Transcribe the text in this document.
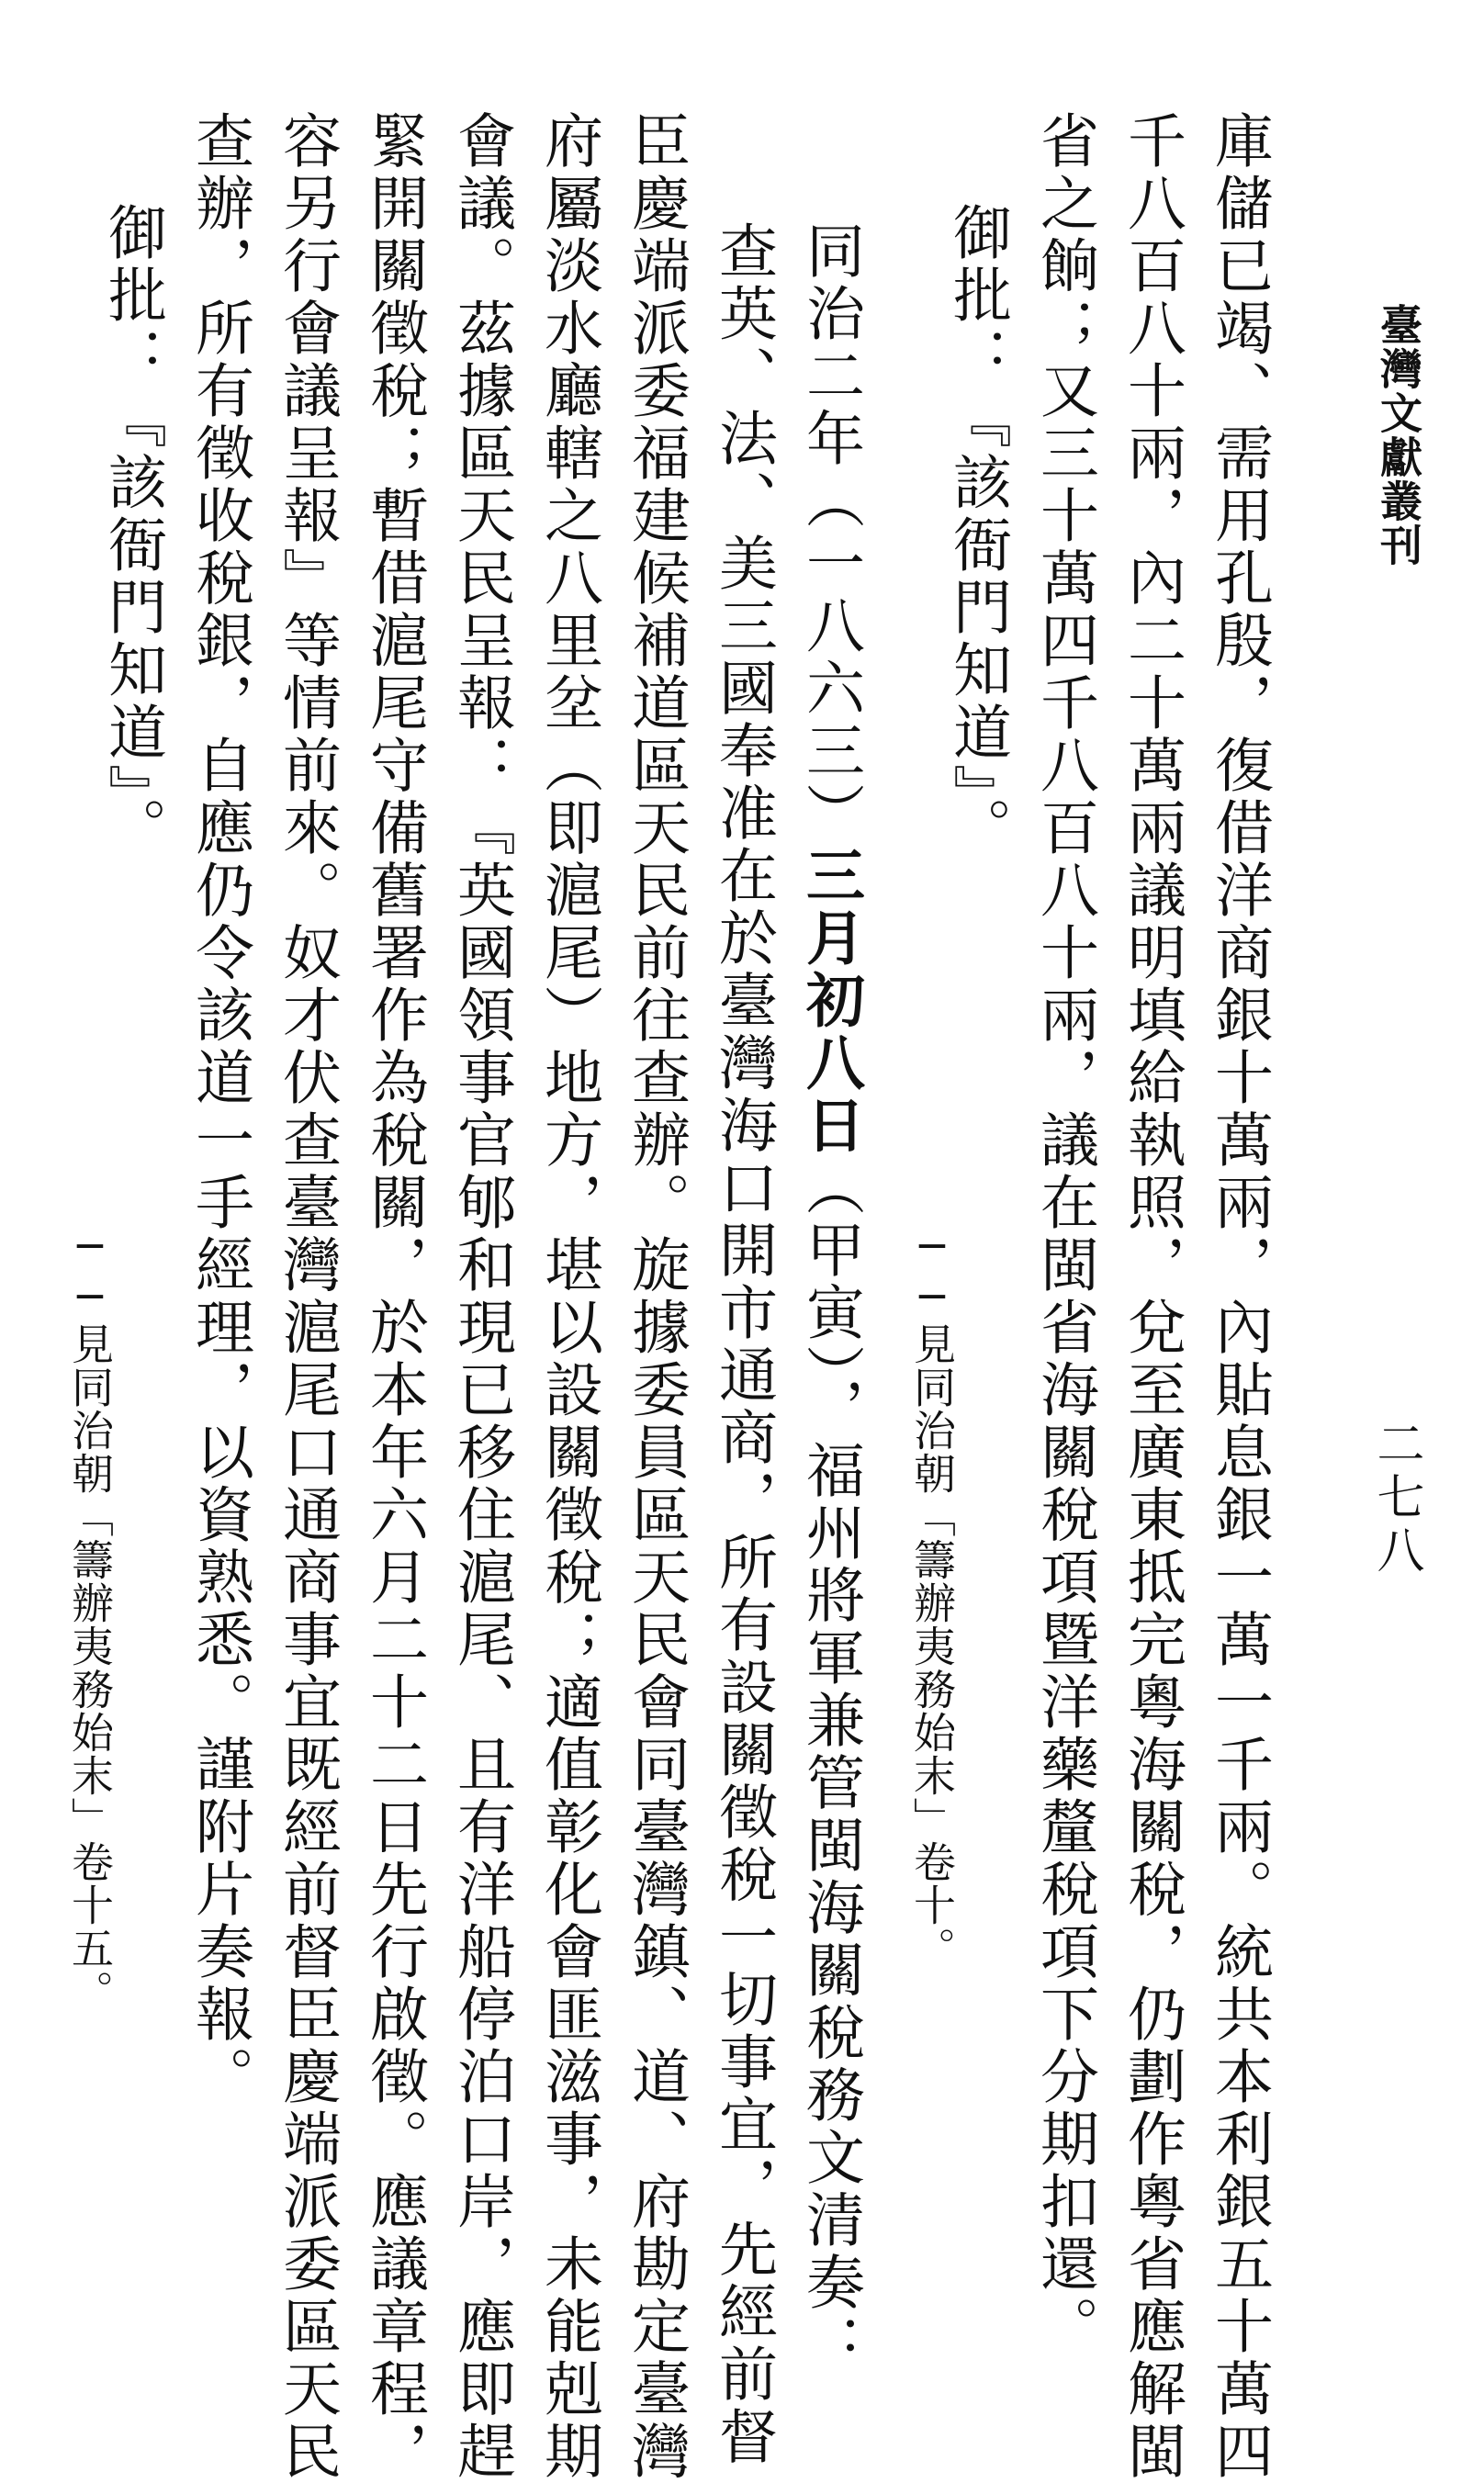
臺灣文獻叢刊
二七八
庫儲已竭、需用孔殷，復借洋商銀十萬兩，內貼息銀一萬一千兩。統共本利銀五十萬四
千八百八十兩，內二十萬兩議明填給執照，兌至廣東抵完粵海關稅，仍劃作粵省應解閩
省之餉；又三十萬四千八百八十兩，議在閩省海關稅項暨洋藥釐稅項下分期扣還。
御批：『該衙門知道』。
──見同治朝「籌辦夷務始末」卷十。
同治二年（一八六三）三月初八日（甲寅），福州將軍兼管閩海關稅務文清奏：
查英、法、美三國奉准在於臺灣海口開市通商，所有設關徵稅一切事宜，先經前督
臣慶端派委福建候補道區天民前往查辦。旋據委員區天民會同臺灣鎮、道、府勘定臺灣
府屬淡水廳轄之八里坌（即滬尾）地方，堪以設關徵稅；適值彰化會匪滋事，未能剋期
會議。茲據區天民呈報：『英國領事官郇和現已移住滬尾、且有洋船停泊口岸，應即趕
緊開關徵稅；暫借滬尾守備舊署作為稅關，於本年六月二十二日先行啟徵。應議章程，
容另行會議呈報』等情前來。奴才伏查臺灣滬尾口通商事宜既經前督臣慶端派委區天民
查辦，所有徵收稅銀，自應仍令該道一手經理，以資熟悉。謹附片奏報。
御批：『該衙門知道』。
──見同治朝「籌辦夷務始末」卷十五。
